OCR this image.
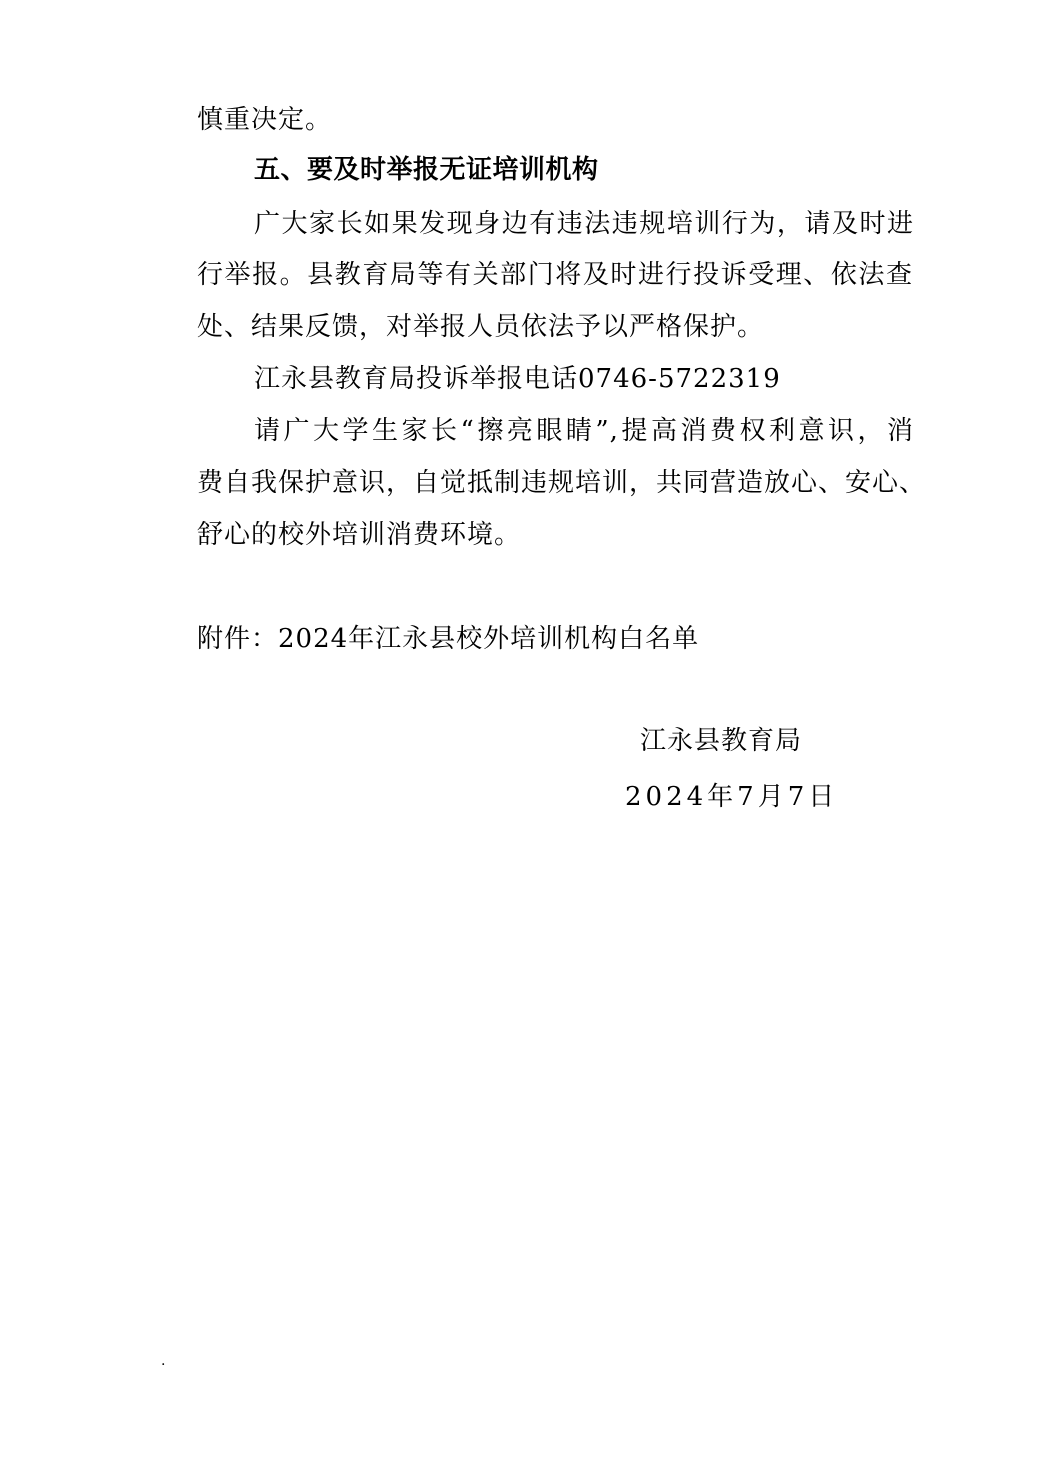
慎重决定。
五、要及时举报无证培训机构
广大家长如果发现身边有违法违规培训行为，请及时进
行举报。县教育局等有关部门将及时进行投诉受理、依法查
处、结果反馈，对举报人员依法予以严格保护。
江永县教育局投诉举报电话0746-5722319
请广大学生家长“擦亮眼睛”,提高消费权利意识，消
费自我保护意识，自觉抵制违规培训，共同营造放心、安心、
舒心的校外培训消费环境。
附件：2024年江永县校外培训机构白名单
江永县教育局
2024年7月7日
.
